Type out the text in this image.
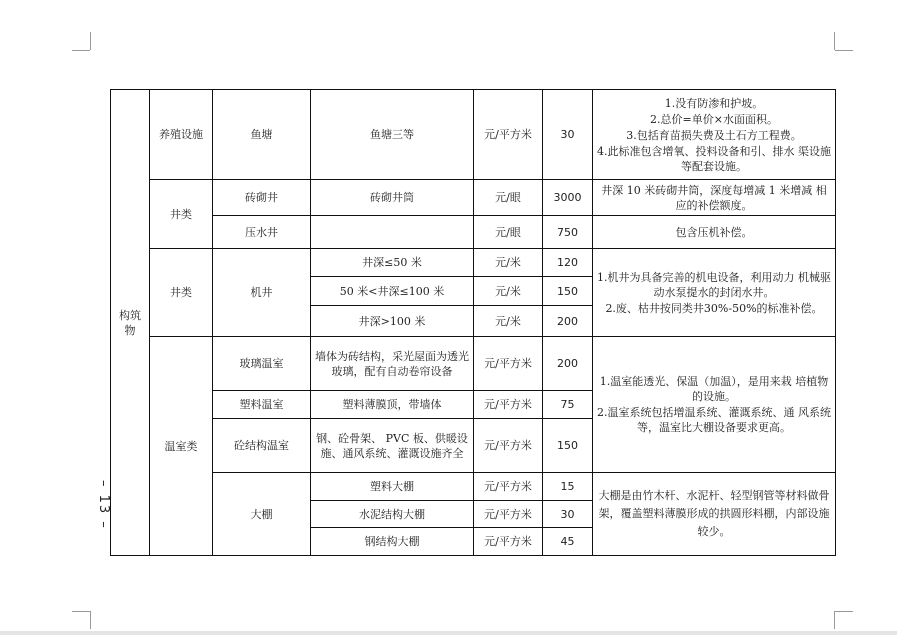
– 13 –
构筑物	养殖设施	鱼塘	鱼塘三等	元/平方米	30	1.没有防渗和护坡。
2.总价=单价×水面面积。
3.包括育苗损失费及土石方工程费。
4.此标准包含增氧、投料设备和引、排水 渠设施等配套设施。

	井类	砖砌井	砖砌井筒	元/眼	3000	井深 10 米砖砌井筒，深度每增减 1 米增减 相应的补偿额度。
		压水井		元/眼	750	包含压机补偿。
	井类	机井	井深≤50 米	元/米	120	1.机井为具备完善的机电设备，利用动力 机械驱动水泵提水的封闭水井。
2.废、枯井按同类井30%-50%的标准补偿。

			50 米<井深≤100 米	元/米	150	
			井深>100 米	元/米	200	
	温室类	玻璃温室	墙体为砖结构，采光屋面为透光玻璃，配有自动卷帘设备	元/平方米	200	1.温室能透光、保温（加温），是用来栽 培植物的设施。
2.温室系统包括增温系统、灌溉系统、通 风系统等，温室比大棚设备要求更高。

		塑料温室	塑料薄膜顶，带墙体	元/平方米	75	
		砼结构温室	钢、砼骨架、 PVC 板、供暖设施、通风系统、灌溉设施齐全	元/平方米	150	
		大棚	塑料大棚	元/平方米	15	大棚是由竹木杆、水泥杆、轻型钢管等材料做骨架，覆盖塑料薄膜形成的拱圆形料棚，内部设施较少。
			水泥结构大棚	元/平方米	30	
			钢结构大棚	元/平方米	45	
